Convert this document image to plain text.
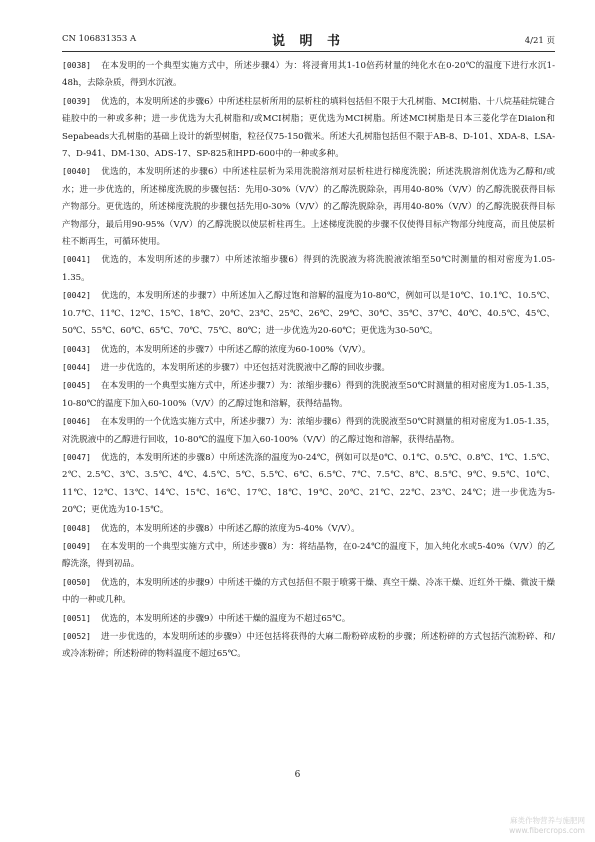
CN 106831353 A	说 明 书	4/21 页

[0038] 在本发明的一个典型实施方式中，所述步骤4）为：将浸膏用其1-10倍药材量的纯化水在0-20℃的温度下进行水沉1-48h，去除杂质，得到水沉液。

[0039] 优选的，本发明所述的步骤6）中所述柱层析所用的层析柱的填料包括但不限于大孔树脂、MCI树脂、十八烷基硅烷键合硅胶中的一种或多种；进一步优选为大孔树脂和/或MCI树脂；更优选为MCI树脂。所述MCI树脂是日本三菱化学在Diaion和Sepabeads大孔树脂的基础上设计的新型树脂，粒径仅75-150微米。所述大孔树脂包括但不限于AB-8、D-101、XDA-8、LSA-7、D-941、DM-130、ADS-17、SP-825和HPD-600中的一种或多种。

[0040] 优选的，本发明所述的步骤6）中所述柱层析为采用洗脱溶剂对层析柱进行梯度洗脱；所述洗脱溶剂优选为乙醇和/或水；进一步优选的，所述梯度洗脱的步骤包括：先用0-30%（V/V）的乙醇洗脱除杂，再用40-80%（V/V）的乙醇洗脱获得目标产物部分。更优选的，所述梯度洗脱的步骤包括先用0-30%（V/V）的乙醇洗脱除杂，再用40-80%（V/V）的乙醇洗脱获得目标产物部分，最后用90-95%（V/V）的乙醇洗脱以使层析柱再生。上述梯度洗脱的步骤不仅使得目标产物部分纯度高，而且使层析柱不断再生，可循环使用。

[0041] 优选的，本发明所述的步骤7）中所述浓缩步骤6）得到的洗脱液为将洗脱液浓缩至50℃时测量的相对密度为1.05-1.35。

[0042] 优选的，本发明所述的步骤7）中所述加入乙醇过饱和溶解的温度为10-80℃，例如可以是10℃、10.1℃、10.5℃、10.7℃、11℃、12℃、15℃、18℃、20℃、23℃、25℃、26℃、29℃、30℃、35℃、37℃、40℃、40.5℃、45℃、50℃、55℃、60℃、65℃、70℃、75℃、80℃；进一步优选为20-60℃；更优选为30-50℃。

[0043] 优选的，本发明所述的步骤7）中所述乙醇的浓度为60-100%（V/V）。

[0044] 进一步优选的，本发明所述的步骤7）中还包括对洗脱液中乙醇的回收步骤。

[0045] 在本发明的一个典型实施方式中，所述步骤7）为：浓缩步骤6）得到的洗脱液至50℃时测量的相对密度为1.05-1.35，10-80℃的温度下加入60-100%（V/V）的乙醇过饱和溶解，获得结晶物。

[0046] 在本发明的一个优选实施方式中，所述步骤7）为：浓缩步骤6）得到的洗脱液至50℃时测量的相对密度为1.05-1.35，对洗脱液中的乙醇进行回收，10-80℃的温度下加入60-100%（V/V）的乙醇过饱和溶解，获得结晶物。

[0047] 优选的，本发明所述的步骤8）中所述洗涤的温度为0-24℃，例如可以是0℃、0.1℃、0.5℃、0.8℃、1℃、1.5℃、2℃、2.5℃、3℃、3.5℃、4℃、4.5℃、5℃、5.5℃、6℃、6.5℃、7℃、7.5℃、8℃、8.5℃、9℃、9.5℃、10℃、11℃、12℃、13℃、14℃、15℃、16℃、17℃、18℃、19℃、20℃、21℃、22℃、23℃、24℃；进一步优选为5-20℃；更优选为10-15℃。

[0048] 优选的，本发明所述的步骤8）中所述乙醇的浓度为5-40%（V/V）。

[0049] 在本发明的一个典型实施方式中，所述步骤8）为：将结晶物，在0-24℃的温度下，加入纯化水或5-40%（V/V）的乙醇洗涤，得到初品。

[0050] 优选的，本发明所述的步骤9）中所述干燥的方式包括但不限于喷雾干燥、真空干燥、冷冻干燥、近红外干燥、微波干燥中的一种或几种。

[0051] 优选的，本发明所述的步骤9）中所述干燥的温度为不超过65℃。

[0052] 进一步优选的，本发明所述的步骤9）中还包括将获得的大麻二酚粉碎成粉的步骤；所述粉碎的方式包括汽流粉碎、和/或冷冻粉碎；所述粉碎的物料温度不超过65℃。

6
麻类作物营养与施肥网
www.fibercrops.com
